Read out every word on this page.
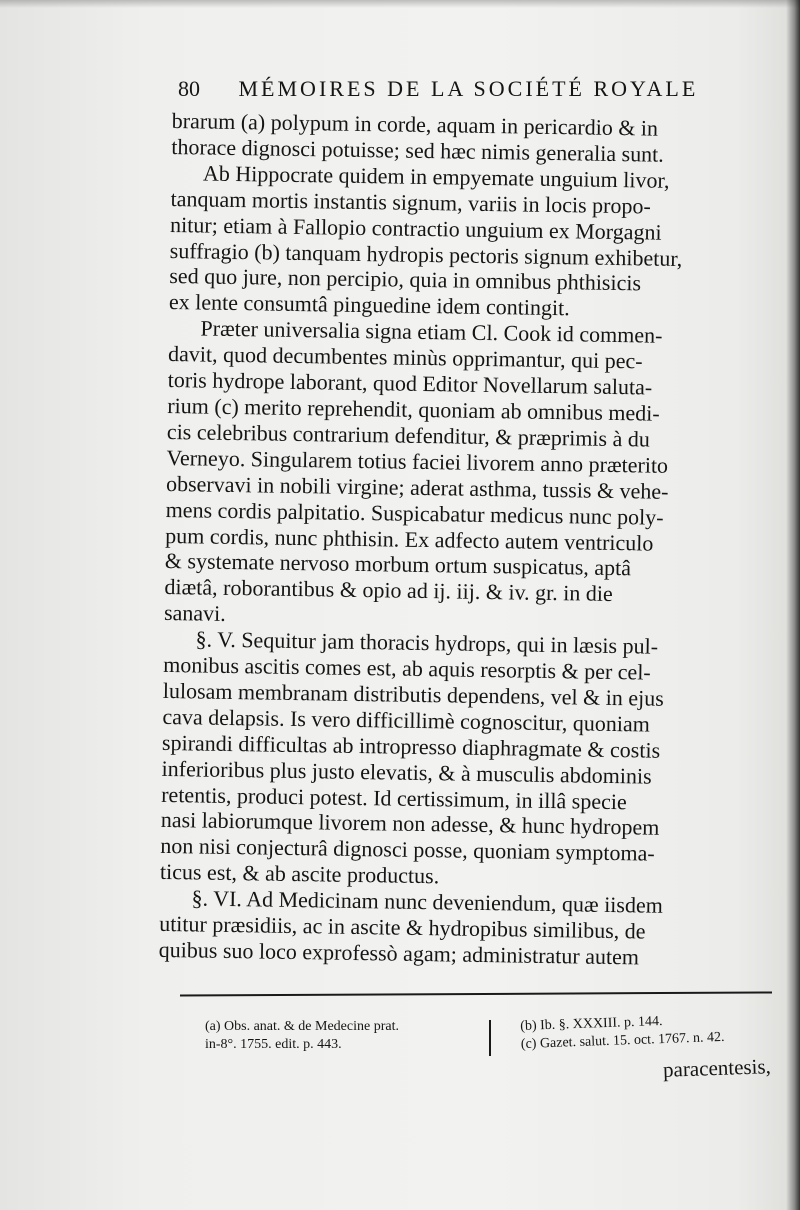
80 MÉMOIRES DE LA SOCIÉTÉ ROYALE
brarum (a) polypum in corde, aquam in pericardio & in
thorace dignosci potuisse; sed hæc nimis generalia sunt.
Ab Hippocrate quidem in empyemate unguium livor,
tanquam mortis instantis signum, variis in locis propo-
nitur; etiam à Fallopio contractio unguium ex Morgagni
suffragio (b) tanquam hydropis pectoris signum exhibetur,
sed quo jure, non percipio, quia in omnibus phthisicis
ex lente consumtâ pinguedine idem contingit.
Præter universalia signa etiam Cl. Cook id commen-
davit, quod decumbentes minùs opprimantur, qui pec-
toris hydrope laborant, quod Editor Novellarum saluta-
rium (c) merito reprehendit, quoniam ab omnibus medi-
cis celebribus contrarium defenditur, & præprimis à du
Verneyo. Singularem totius faciei livorem anno præterito
observavi in nobili virgine; aderat asthma, tussis & vehe-
mens cordis palpitatio. Suspicabatur medicus nunc poly-
pum cordis, nunc phthisin. Ex adfecto autem ventriculo
& systemate nervoso morbum ortum suspicatus, aptâ
diætâ, roborantibus & opio ad ij. iij. & iv. gr. in die
sanavi.
§. V. Sequitur jam thoracis hydrops, qui in læsis pul-
monibus ascitis comes est, ab aquis resorptis & per cel-
lulosam membranam distributis dependens, vel & in ejus
cava delapsis. Is vero difficillimè cognoscitur, quoniam
spirandi difficultas ab intropresso diaphragmate & costis
inferioribus plus justo elevatis, & à musculis abdominis
retentis, produci potest. Id certissimum, in illâ specie
nasi labiorumque livorem non adesse, & hunc hydropem
non nisi conjecturâ dignosci posse, quoniam symptoma-
ticus est, & ab ascite productus.
§. VI. Ad Medicinam nunc deveniendum, quæ iisdem
utitur præsidiis, ac in ascite & hydropibus similibus, de
quibus suo loco exprofessò agam; administratur autem
(a) Obs. anat. & de Medecine prat.
in-8°. 1755. edit. p. 443.
(b) Ib. §. XXXIII. p. 144.
(c) Gazet. salut. 15. oct. 1767. n. 42.
paracentesis,
